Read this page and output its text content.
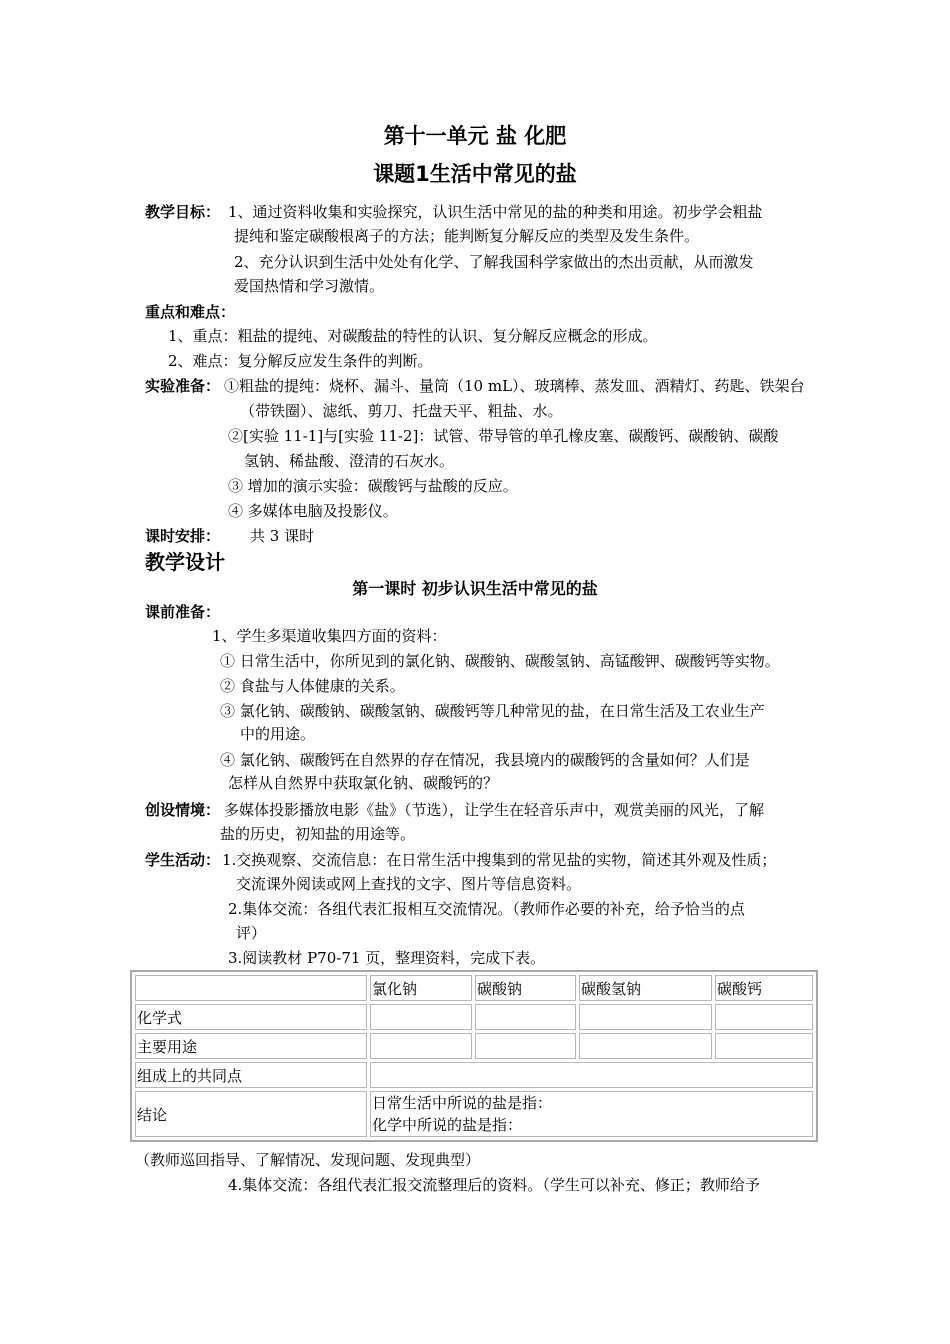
第十一单元 盐 化肥
课题1生活中常见的盐
教学目标： 1、通过资料收集和实验探究，认识生活中常见的盐的种类和用途。初步学会粗盐
提纯和鉴定碳酸根离子的方法；能判断复分解反应的类型及发生条件。
2、充分认识到生活中处处有化学、了解我国科学家做出的杰出贡献，从而激发
爱国热情和学习激情。
重点和难点：
1、重点：粗盐的提纯、对碳酸盐的特性的认识、复分解反应概念的形成。
2、难点：复分解反应发生条件的判断。
实验准备： ①粗盐的提纯：烧杯、漏斗、量筒（10 mL）、玻璃棒、蒸发皿、酒精灯、药匙、铁架台
（带铁圈）、滤纸、剪刀、托盘天平、粗盐、水。
②[实验 11-1]与[实验 11-2]：试管、带导管的单孔橡皮塞、碳酸钙、碳酸钠、碳酸
氢钠、稀盐酸、澄清的石灰水。
③ 增加的演示实验：碳酸钙与盐酸的反应。
④ 多媒体电脑及投影仪。
课时安排： 共 3 课时
教学设计
第一课时 初步认识生活中常见的盐
课前准备：
1、学生多渠道收集四方面的资料：
① 日常生活中，你所见到的氯化钠、碳酸钠、碳酸氢钠、高锰酸钾、碳酸钙等实物。
② 食盐与人体健康的关系。
③ 氯化钠、碳酸钠、碳酸氢钠、碳酸钙等几种常见的盐，在日常生活及工农业生产
中的用途。
④ 氯化钠、碳酸钙在自然界的存在情况，我县境内的碳酸钙的含量如何？人们是
怎样从自然界中获取氯化钠、碳酸钙的？
创设情境： 多媒体投影播放电影《盐》（节选），让学生在轻音乐声中，观赏美丽的风光，了解
盐的历史，初知盐的用途等。
学生活动： 1.交换观察、交流信息：在日常生活中搜集到的常见盐的实物，简述其外观及性质；
交流课外阅读或网上查找的文字、图片等信息资料。
2.集体交流：各组代表汇报相互交流情况。（教师作必要的补充，给予恰当的点
评）
3.阅读教材 P70-71 页，整理资料，完成下表。
	氯化钠	碳酸钠	碳酸氢钠	碳酸钙
化学式				
主要用途				
组成上的共同点				
结论	日常生活中所说的盐是指：
化学中所说的盐是指：			
（教师巡回指导、了解情况、发现问题、发现典型）
4.集体交流：各组代表汇报交流整理后的资料。（学生可以补充、修正；教师给予
